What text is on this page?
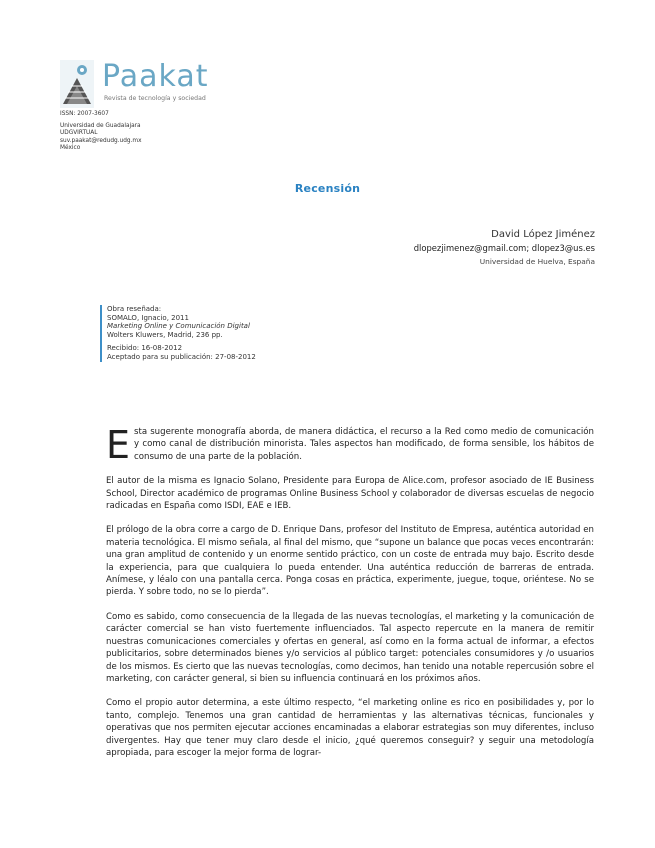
Paakat
Revista de tecnología y sociedad
ISSN: 2007-3607
Universidad de Guadalajara
UDGVIRTUAL
suv.paakat@redudg.udg.mx
México
Recensión
David López Jiménez
dlopezjimenez@gmail.com; dlopez3@us.es
Universidad de Huelva, España
Obra reseñada:
SOMALO, Ignacio, 2011
Marketing Online y Comunicación Digital
Wolters Kluwers, Madrid, 236 pp.
Recibido: 16-08-2012
Aceptado para su publicación: 27-08-2012

Esta sugerente monografía aborda, de manera didáctica, el recurso a la Red como medio de comunicación y como canal de distribución minorista. Tales aspectos han modificado, de forma sensible, los hábitos de consumo de una parte de la población.

El autor de la misma es Ignacio Solano, Presidente para Europa de Alice.com, profesor asociado de IE Business School, Director académico de programas Online Business School y colaborador de diversas escuelas de negocio radicadas en España como ISDI, EAE e IEB.

El prólogo de la obra corre a cargo de D. Enrique Dans, profesor del Instituto de Empresa, auténtica autoridad en materia tecnológica. El mismo señala, al final del mismo, que “supone un balance que pocas veces encontrarán: una gran amplitud de contenido y un enorme sentido práctico, con un coste de entrada muy bajo. Escrito desde la experiencia, para que cualquiera lo pueda entender. Una auténtica reducción de barreras de entrada. Anímese, y léalo con una pantalla cerca. Ponga cosas en práctica, experimente, juegue, toque, oriéntese. No se pierda. Y sobre todo, no se lo pierda”.

Como es sabido, como consecuencia de la llegada de las nuevas tecnologías, el marketing y la comunicación de carácter comercial se han visto fuertemente influenciados. Tal aspecto repercute en la manera de remitir nuestras comunicaciones comerciales y ofertas en general, así como en la forma actual de informar, a efectos publicitarios, sobre determinados bienes y/o servicios al público target: potenciales consumidores y /o usuarios de los mismos. Es cierto que las nuevas tecnologías, como decimos, han tenido una notable repercusión sobre el marketing, con carácter general, si bien su influencia continuará en los próximos años.

Como el propio autor determina, a este último respecto, “el marketing online es rico en posibilidades y, por lo tanto, complejo. Tenemos una gran cantidad de herramientas y las alternativas técnicas, funcionales y operativas que nos permiten ejecutar acciones encaminadas a elaborar estrategias son muy diferentes, incluso divergentes. Hay que tener muy claro desde el inicio, ¿qué queremos conseguir? y seguir una metodología apropiada, para escoger la mejor forma de lograr-
